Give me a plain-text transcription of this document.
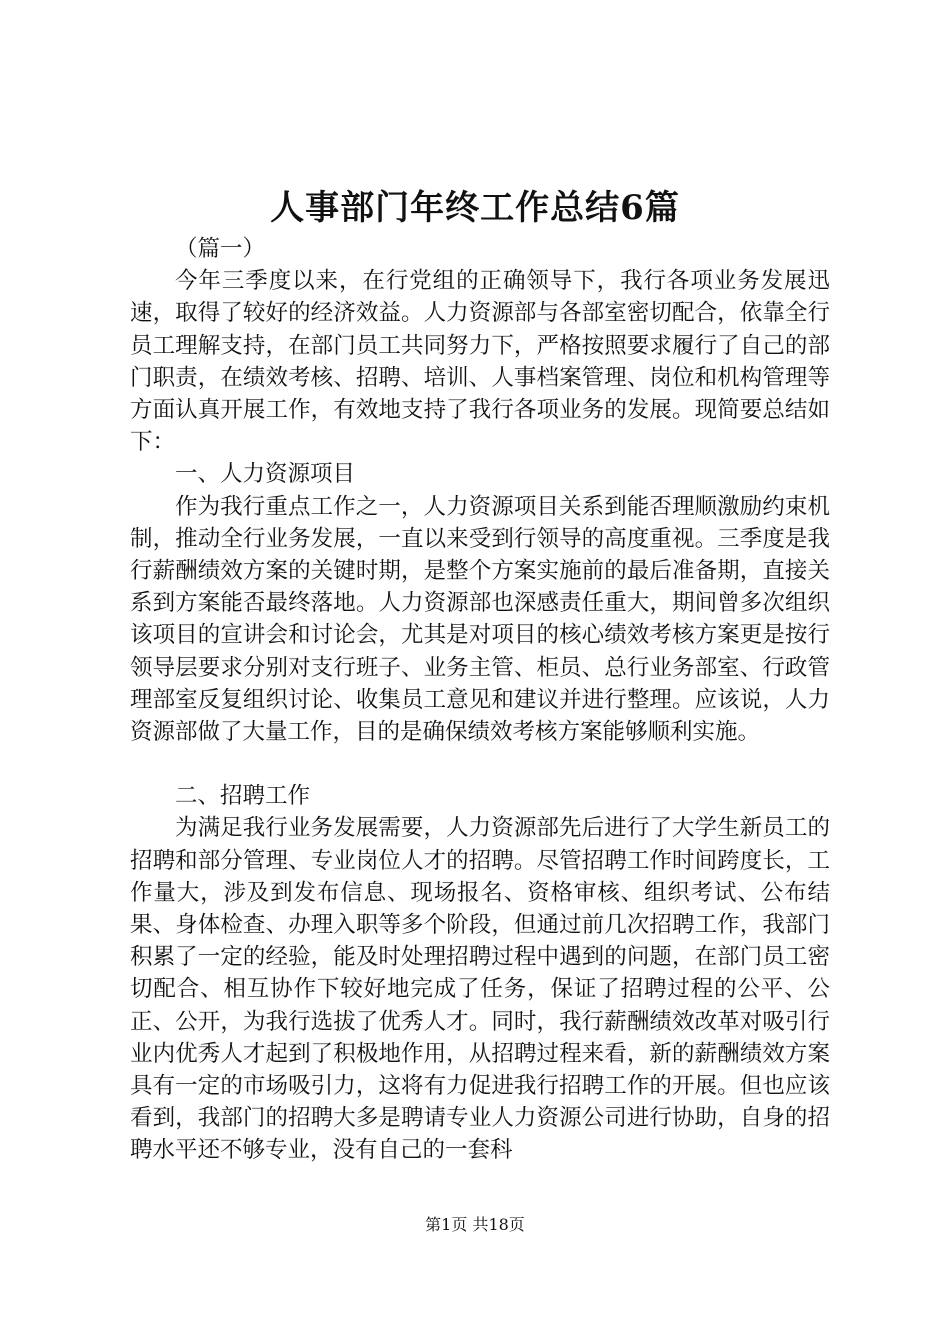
人事部门年终工作总结6篇

（篇一）

今年三季度以来，在行党组的正确领导下，我行各项业务发展迅速，取得了较好的经济效益。人力资源部与各部室密切配合，依靠全行员工理解支持，在部门员工共同努力下，严格按照要求履行了自己的部门职责，在绩效考核、招聘、培训、人事档案管理、岗位和机构管理等方面认真开展工作，有效地支持了我行各项业务的发展。现简要总结如下：

一、人力资源项目

作为我行重点工作之一，人力资源项目关系到能否理顺激励约束机制，推动全行业务发展，一直以来受到行领导的高度重视。三季度是我行薪酬绩效方案的关键时期，是整个方案实施前的最后准备期，直接关系到方案能否最终落地。人力资源部也深感责任重大，期间曾多次组织该项目的宣讲会和讨论会，尤其是对项目的核心绩效考核方案更是按行领导层要求分别对支行班子、业务主管、柜员、总行业务部室、行政管理部室反复组织讨论、收集员工意见和建议并进行整理。应该说，人力资源部做了大量工作，目的是确保绩效考核方案能够顺利实施。

二、招聘工作

为满足我行业务发展需要，人力资源部先后进行了大学生新员工的招聘和部分管理、专业岗位人才的招聘。尽管招聘工作时间跨度长，工作量大，涉及到发布信息、现场报名、资格审核、组织考试、公布结果、身体检查、办理入职等多个阶段，但通过前几次招聘工作，我部门积累了一定的经验，能及时处理招聘过程中遇到的问题，在部门员工密切配合、相互协作下较好地完成了任务，保证了招聘过程的公平、公正、公开，为我行选拔了优秀人才。同时，我行薪酬绩效改革对吸引行业内优秀人才起到了积极地作用，从招聘过程来看，新的薪酬绩效方案具有一定的市场吸引力，这将有力促进我行招聘工作的开展。但也应该看到，我部门的招聘大多是聘请专业人力资源公司进行协助，自身的招聘水平还不够专业，没有自己的一套科

第1页 共18页
